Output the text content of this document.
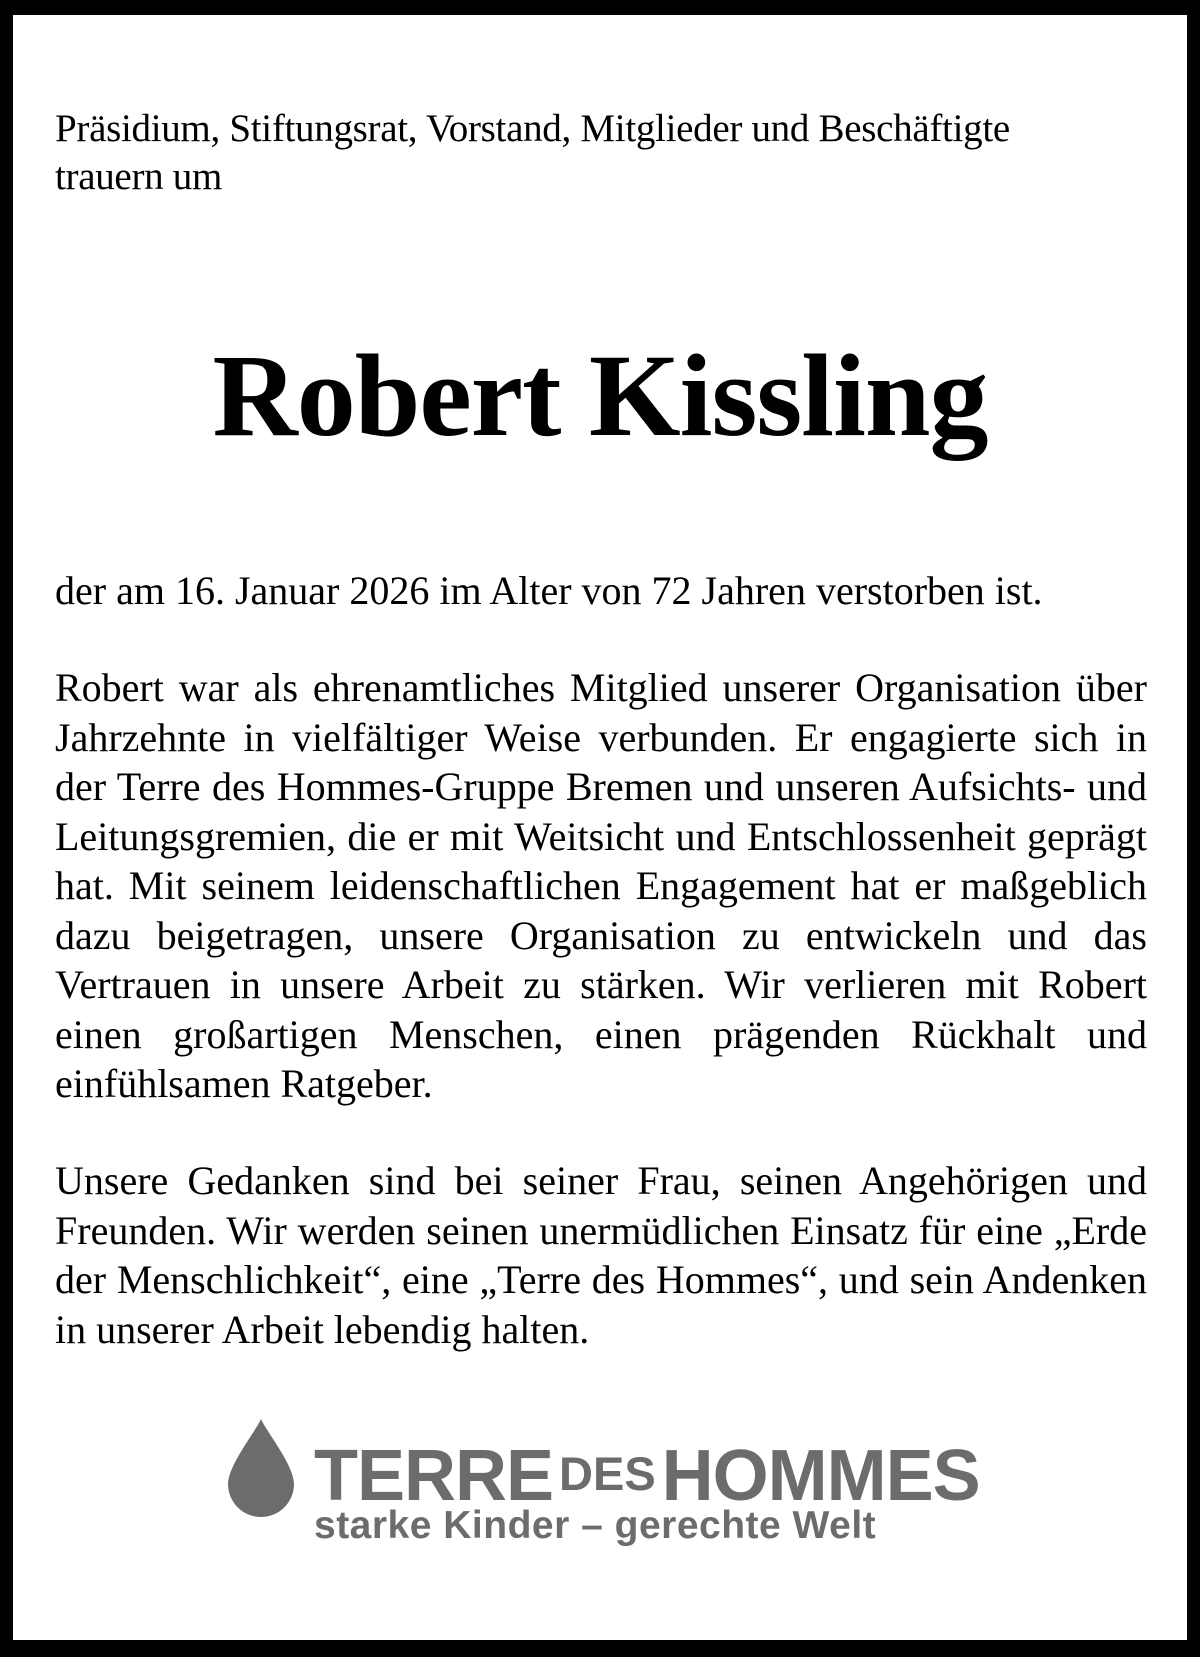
Präsidium, Stiftungsrat, Vorstand, Mitglieder und Beschäftigte
trauern um
Robert Kissling

der am 16. Januar 2026 im Alter von 72 Jahren verstorben ist.

Robert war als ehrenamtliches Mitglied unserer Organisation über Jahrzehnte in vielfältiger Weise verbunden. Er engagierte sich in der Terre des Hommes-Gruppe Bremen und unseren Aufsichts- und Leitungsgremien, die er mit Weitsicht und Entschlossenheit geprägt hat. Mit seinem leidenschaftlichen Engagement hat er maßgeblich dazu beigetragen, unsere Organisation zu entwickeln und das Vertrauen in unsere Arbeit zu stärken. Wir verlieren mit Robert einen großartigen Menschen, einen prägenden Rückhalt und einfühlsamen Ratgeber.

Unsere Gedanken sind bei seiner Frau, seinen Angehörigen und Freunden. Wir werden seinen unermüdlichen Einsatz für eine „Erde der Menschlichkeit“, eine „Terre des Hommes“, und sein Andenken in unserer Arbeit lebendig halten.

TERRE DESHOMMES
starke Kinder – gerechte Welt
